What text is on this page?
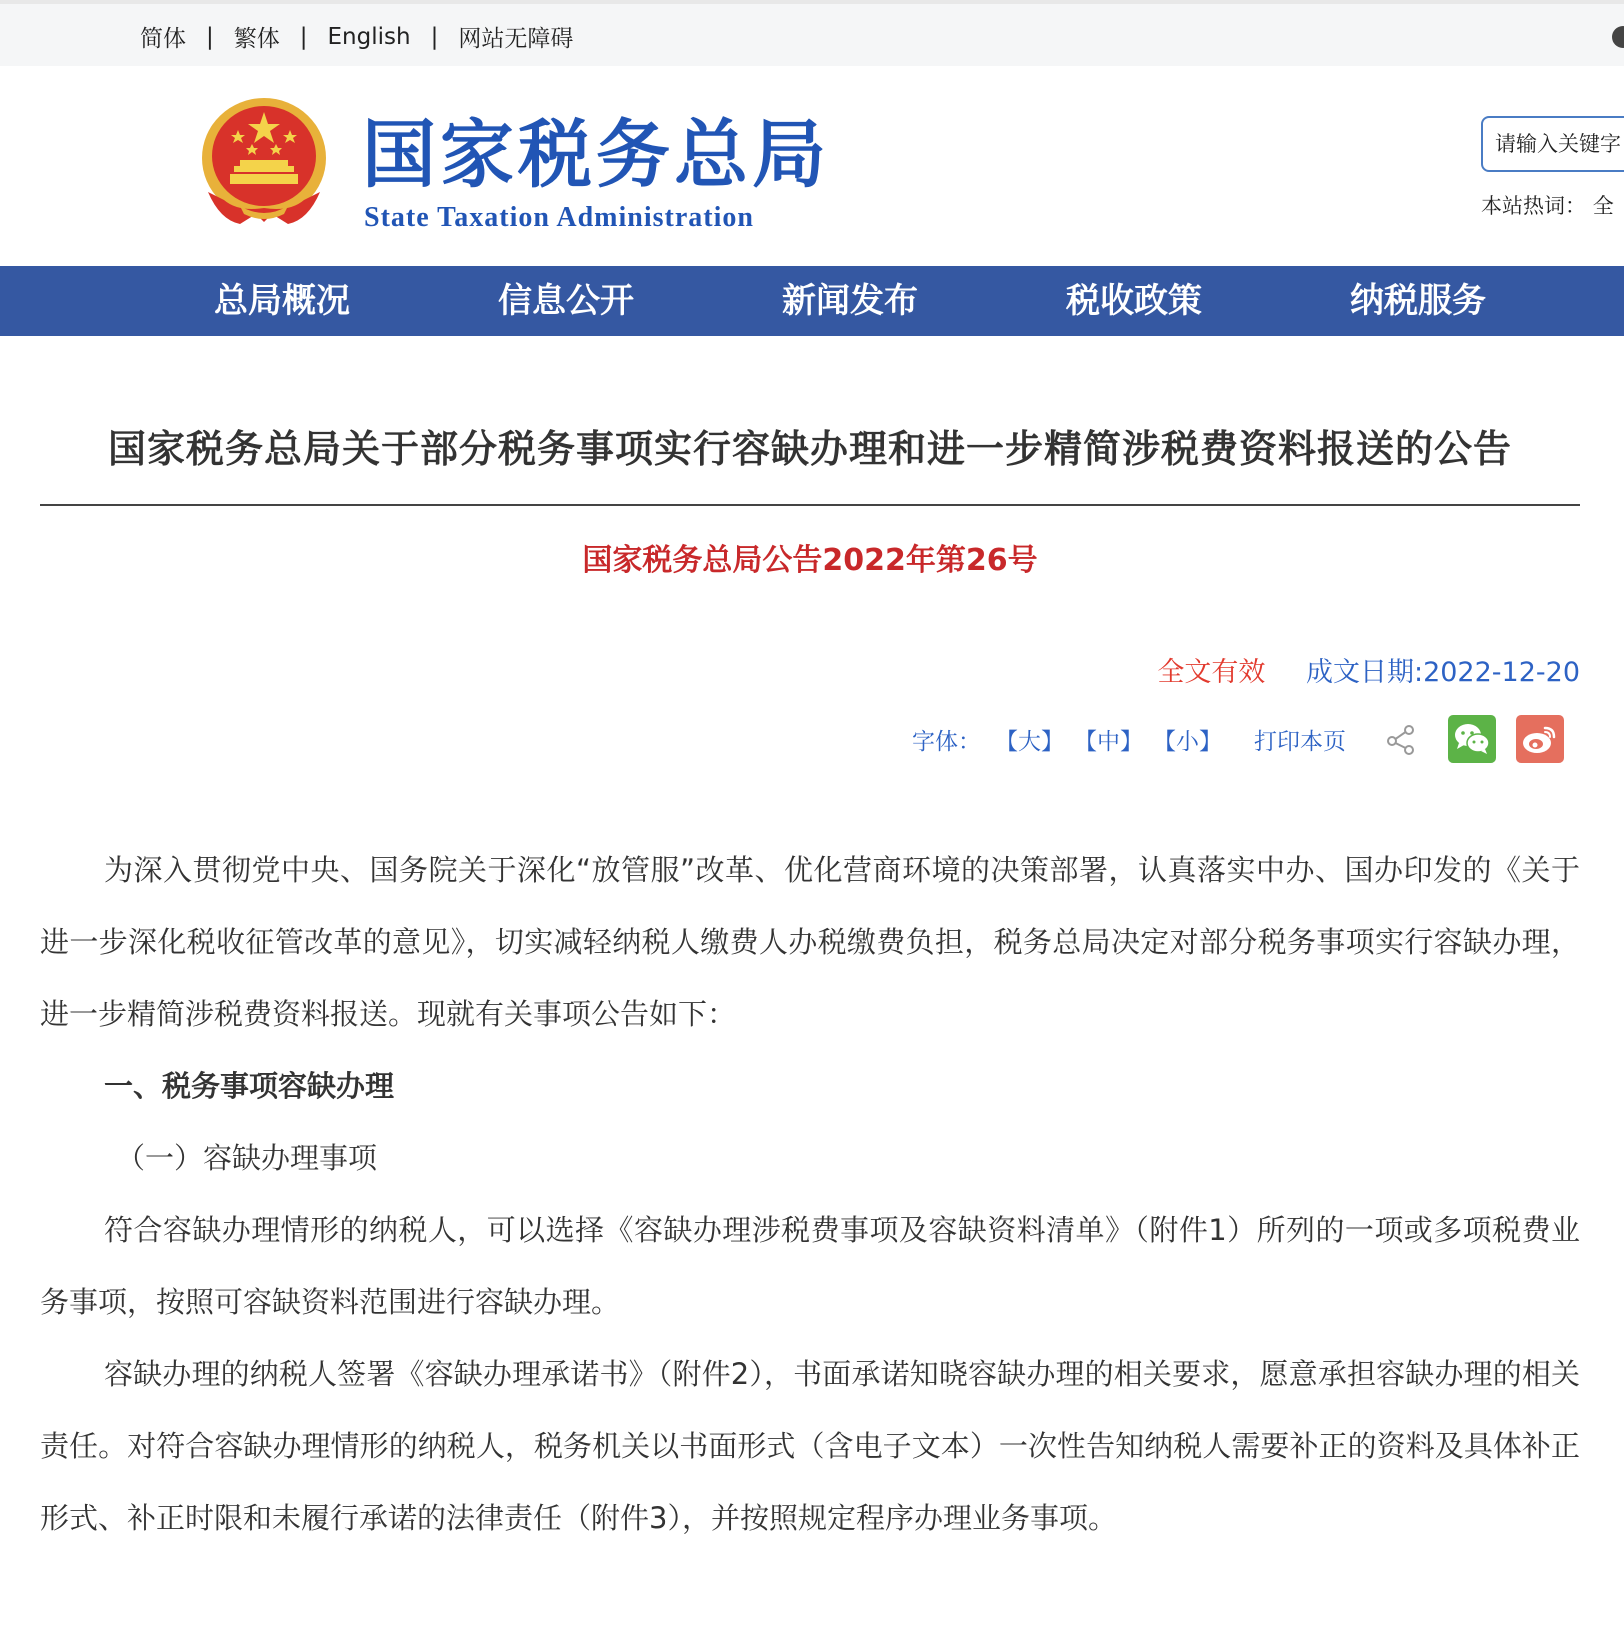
简体 | 繁体 | English | 网站无障碍
国家税务总局
State Taxation Administration
请输入关键字
本站热词： 全
总局概况	信息公开	新闻发布	税收政策	纳税服务
国家税务总局关于部分税务事项实行容缺办理和进一步精简涉税费资料报送的公告
国家税务总局公告2022年第26号
全文有效 成文日期:2022-12-20
字体： 【大】 【中】 【小】 打印本页

为深入贯彻党中央、国务院关于深化“放管服”改革、优化营商环境的决策部署，认真落实中办、国办印发的《关于进一步深化税收征管改革的意见》，切实减轻纳税人缴费人办税缴费负担，税务总局决定对部分税务事项实行容缺办理，进一步精简涉税费资料报送。现就有关事项公告如下：

一、税务事项容缺办理

（一）容缺办理事项

符合容缺办理情形的纳税人，可以选择《容缺办理涉税费事项及容缺资料清单》（附件1）所列的一项或多项税费业务事项，按照可容缺资料范围进行容缺办理。

容缺办理的纳税人签署《容缺办理承诺书》（附件2），书面承诺知晓容缺办理的相关要求，愿意承担容缺办理的相关责任。对符合容缺办理情形的纳税人，税务机关以书面形式（含电子文本）一次性告知纳税人需要补正的资料及具体补正形式、补正时限和未履行承诺的法律责任（附件3），并按照规定程序办理业务事项。
